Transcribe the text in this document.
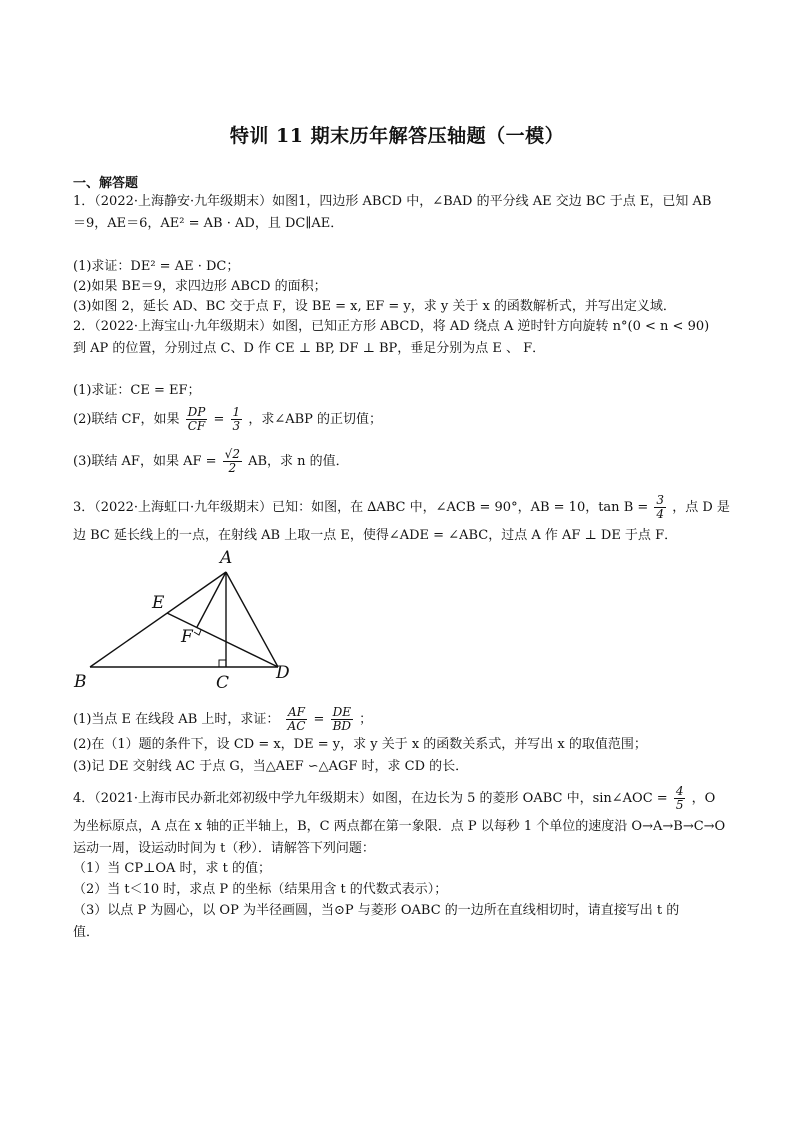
特训 11 期末历年解答压轴题（一模）
一、解答题
1．（2022·上海静安·九年级期末）如图1，四边形 ABCD 中，∠BAD 的平分线 AE 交边 BC 于点 E，已知 AB
＝9，AE＝6，AE² = AB · AD，且 DC∥AE．
(1)求证：DE² = AE · DC；
(2)如果 BE＝9，求四边形 ABCD 的面积；
(3)如图 2，延长 AD、BC 交于点 F，设 BE = x, EF = y，求 y 关于 x 的函数解析式，并写出定义域．
2．（2022·上海宝山·九年级期末）如图，已知正方形 ABCD，将 AD 绕点 A 逆时针方向旋转 n°(0 < n < 90)
到 AP 的位置，分别过点 C、D 作 CE ⊥ BP, DF ⊥ BP，垂足分别为点 E 、 F．
(1)求证：CE = EF；
(2)联结 CF，如果 $\frac{DP}{CF} = \frac{1}{3}$ ，求∠ABP 的正切值；
(3)联结 AF，如果 AF = $\frac{√2}{2}$ AB，求 n 的值．
3．（2022·上海虹口·九年级期末）已知：如图，在 ∆ABC 中，∠ACB = 90°，AB = 10，$\tan B = \frac{3}{4}$ ，点 D 是
边 BC 延长线上的一点，在射线 AB 上取一点 E，使得∠ADE = ∠ABC，过点 A 作 AF ⊥ DE 于点 F．
A
B	C	D
E
F
(1)当点 E 在线段 AB 上时，求证： $\frac{AF}{AC} = \frac{DE}{BD}$ ；
(2)在（1）题的条件下，设 CD = x，DE = y，求 y 关于 x 的函数关系式，并写出 x 的取值范围；
(3)记 DE 交射线 AC 于点 G，当△AEF ∽△AGF 时，求 CD 的长．
4．（2021·上海市民办新北郊初级中学九年级期末）如图，在边长为 5 的菱形 OABC 中，sin∠AOC = $\frac{4}{5}$ ，O
为坐标原点，A 点在 x 轴的正半轴上，B，C 两点都在第一象限．点 P 以每秒 1 个单位的速度沿 O→A→B→C→O
运动一周，设运动时间为 t（秒）．请解答下列问题：
（1）当 CP⊥OA 时，求 t 的值；
（2）当 t＜10 时，求点 P 的坐标（结果用含 t 的代数式表示）；
（3）以点 P 为圆心，以 OP 为半径画圆，当⊙P 与菱形 OABC 的一边所在直线相切时，请直接写出 t 的
值．
